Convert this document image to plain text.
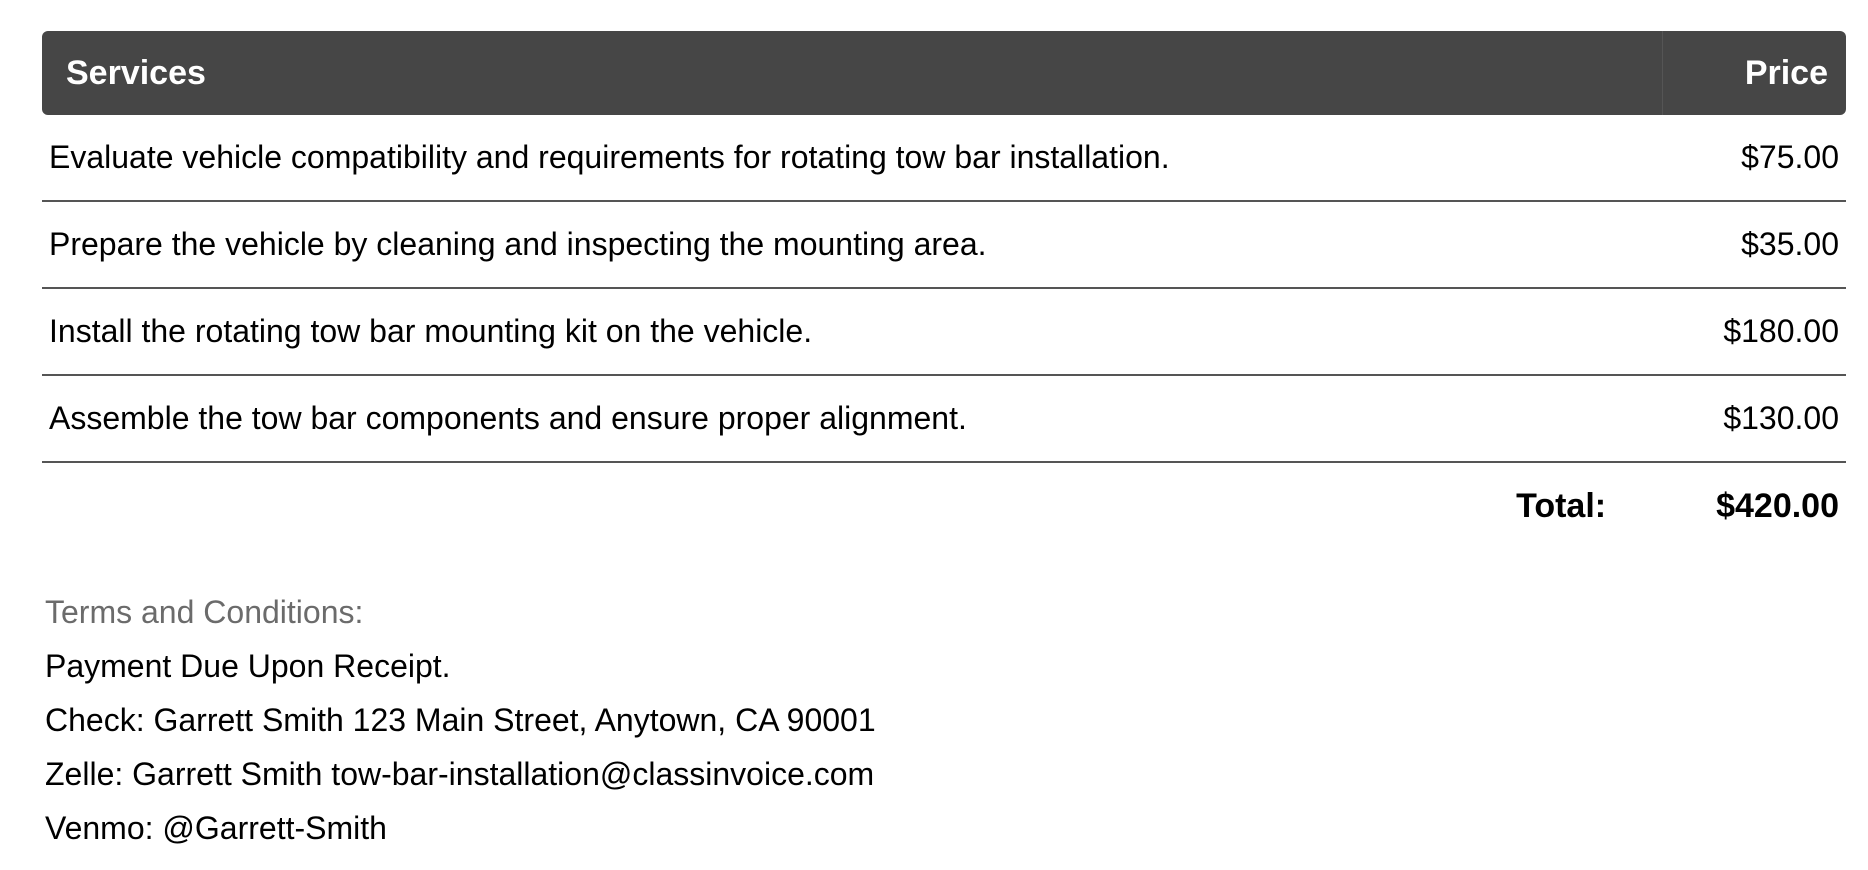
Services	Price
Evaluate vehicle compatibility and requirements for rotating tow bar installation.	$75.00
Prepare the vehicle by cleaning and inspecting the mounting area.	$35.00
Install the rotating tow bar mounting kit on the vehicle.	$180.00
Assemble the tow bar components and ensure proper alignment.	$130.00
Total:	$420.00
Terms and Conditions:
Payment Due Upon Receipt.
Check: Garrett Smith 123 Main Street, Anytown, CA 90001
Zelle: Garrett Smith tow-bar-installation@classinvoice.com
Venmo: @Garrett-Smith
